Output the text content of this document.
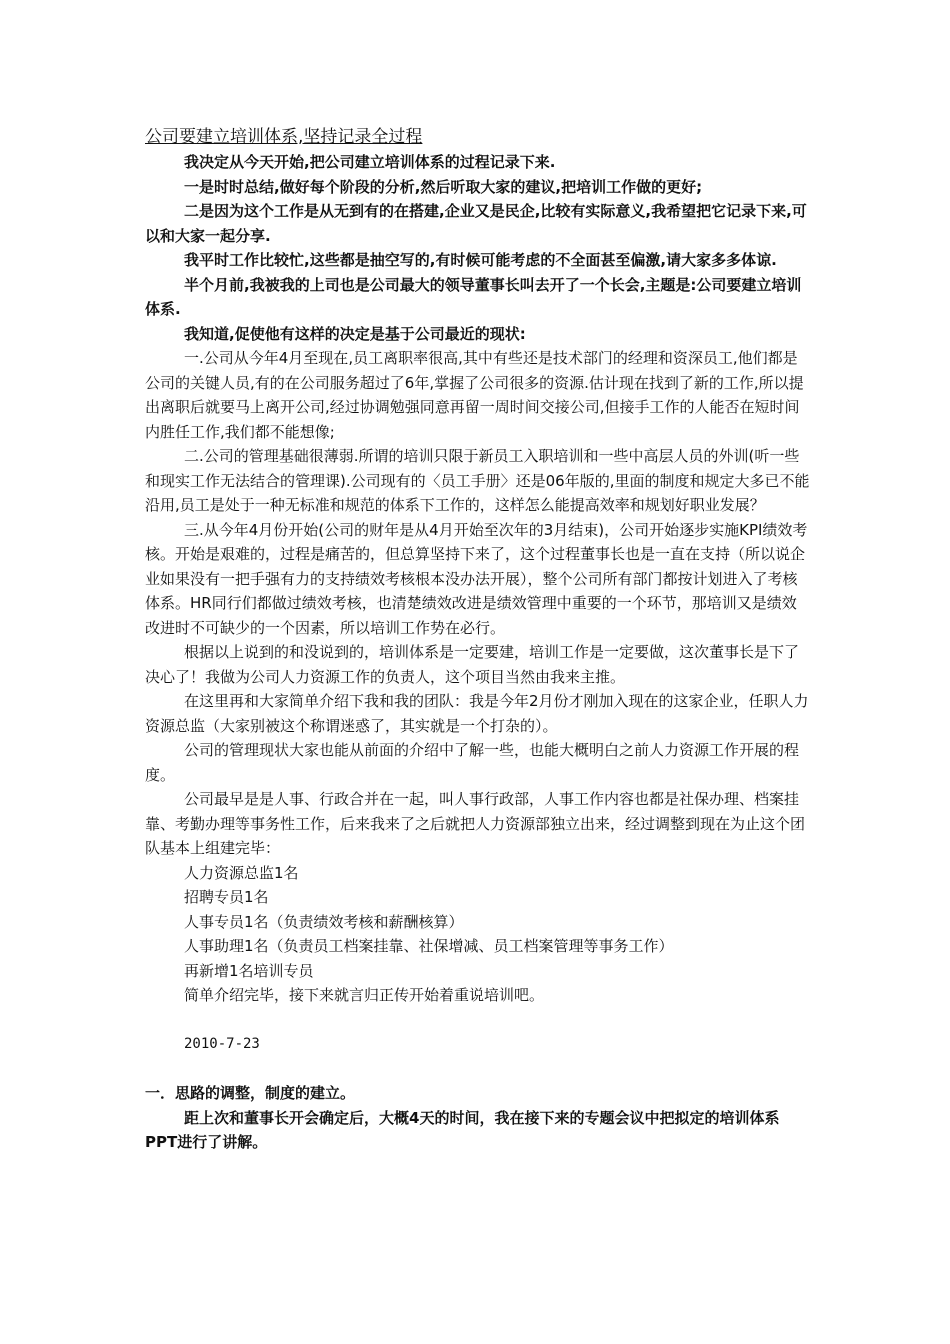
公司要建立培训体系,坚持记录全过程

我决定从今天开始,把公司建立培训体系的过程记录下来.

一是时时总结,做好每个阶段的分析,然后听取大家的建议,把培训工作做的更好;

二是因为这个工作是从无到有的在搭建,企业又是民企,比较有实际意义,我希望把它记录下来,可以和大家一起分享.

我平时工作比较忙,这些都是抽空写的,有时候可能考虑的不全面甚至偏激,请大家多多体谅.

半个月前,我被我的上司也是公司最大的领导董事长叫去开了一个长会,主题是:公司要建立培训体系.

我知道,促使他有这样的决定是基于公司最近的现状:

一.公司从今年4月至现在,员工离职率很高,其中有些还是技术部门的经理和资深员工,他们都是公司的关键人员,有的在公司服务超过了6年,掌握了公司很多的资源.估计现在找到了新的工作,所以提出离职后就要马上离开公司,经过协调勉强同意再留一周时间交接公司,但接手工作的人能否在短时间内胜任工作,我们都不能想像;

二.公司的管理基础很薄弱.所谓的培训只限于新员工入职培训和一些中高层人员的外训(听一些和现实工作无法结合的管理课).公司现有的〈员工手册〉还是06年版的,里面的制度和规定大多已不能沿用,员工是处于一种无标准和规范的体系下工作的，这样怎么能提高效率和规划好职业发展？

三.从今年4月份开始(公司的财年是从4月开始至次年的3月结束)，公司开始逐步实施KPI绩效考核。开始是艰难的，过程是痛苦的，但总算坚持下来了，这个过程董事长也是一直在支持（所以说企业如果没有一把手强有力的支持绩效考核根本没办法开展），整个公司所有部门都按计划进入了考核体系。HR同行们都做过绩效考核，也清楚绩效改进是绩效管理中重要的一个环节，那培训又是绩效改进时不可缺少的一个因素，所以培训工作势在必行。

根据以上说到的和没说到的，培训体系是一定要建，培训工作是一定要做，这次董事长是下了决心了！我做为公司人力资源工作的负责人，这个项目当然由我来主推。

在这里再和大家简单介绍下我和我的团队：我是今年2月份才刚加入现在的这家企业，任职人力资源总监（大家别被这个称谓迷惑了，其实就是一个打杂的）。

公司的管理现状大家也能从前面的介绍中了解一些，也能大概明白之前人力资源工作开展的程度。

公司最早是是人事、行政合并在一起，叫人事行政部，人事工作内容也都是社保办理、档案挂靠、考勤办理等事务性工作，后来我来了之后就把人力资源部独立出来，经过调整到现在为止这个团队基本上组建完毕：

人力资源总监1名

招聘专员1名

人事专员1名（负责绩效考核和薪酬核算）

人事助理1名（负责员工档案挂靠、社保增减、员工档案管理等事务工作）

再新增1名培训专员

简单介绍完毕，接下来就言归正传开始着重说培训吧。

2010-7-23

一．思路的调整，制度的建立。

距上次和董事长开会确定后，大概4天的时间，我在接下来的专题会议中把拟定的培训体系PPT进行了讲解。
